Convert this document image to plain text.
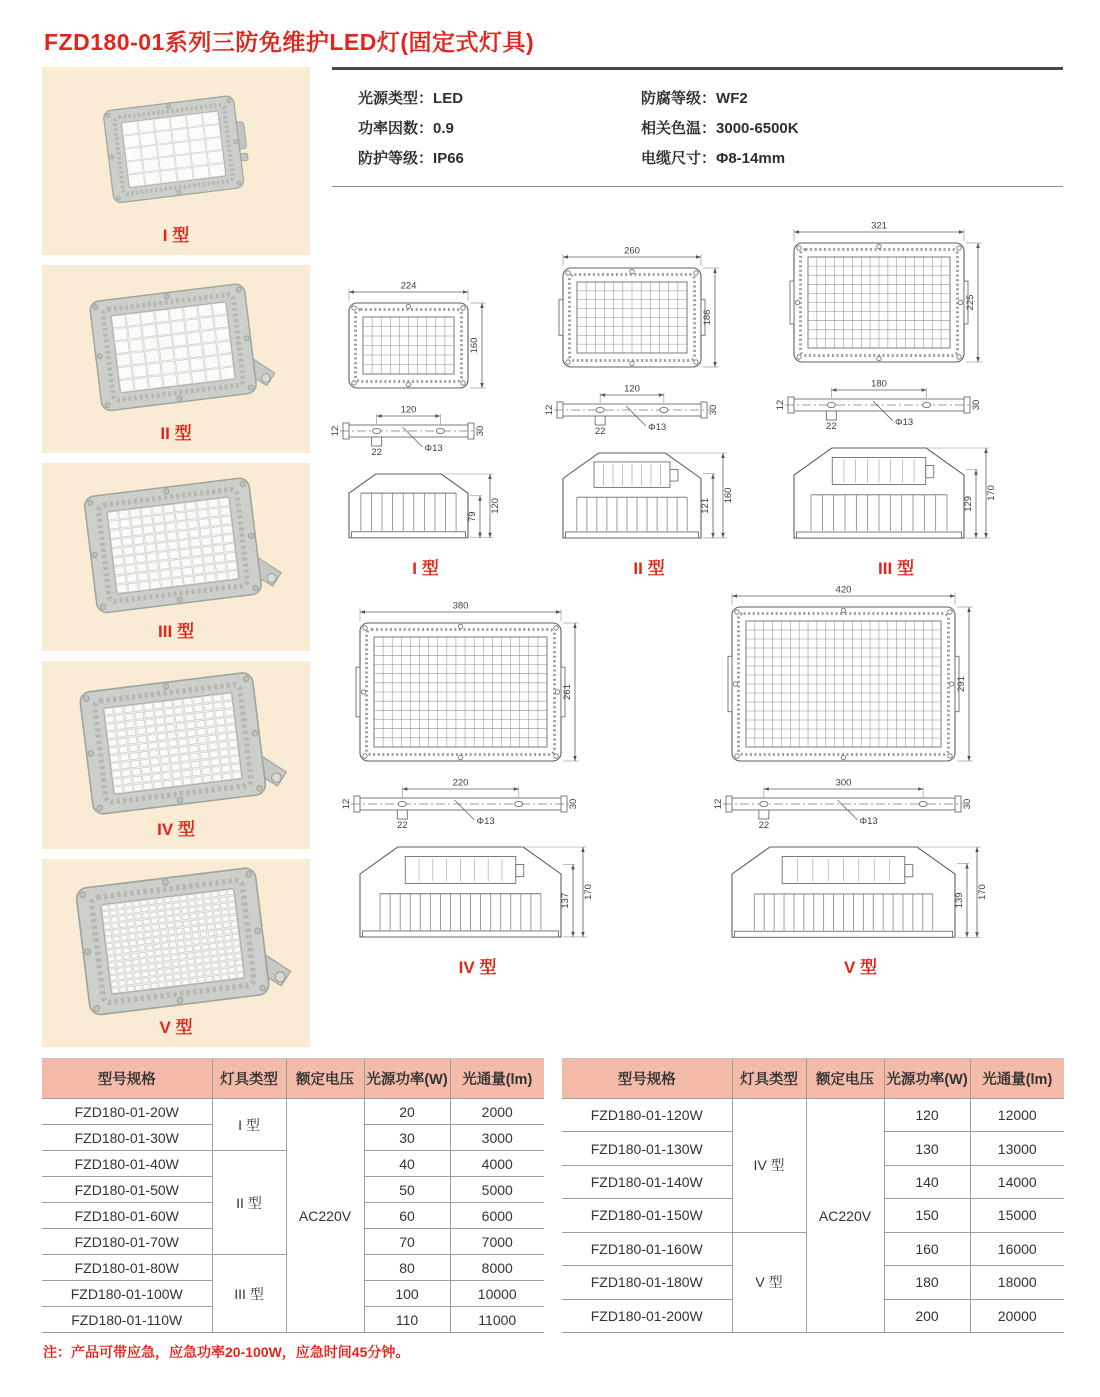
FZD180-01系列三防免维护LED灯(固定式灯具)
I 型
II 型
III 型
IV 型
V 型
光源类型：LED
功率因数：0.9
防护等级：IP66
防腐等级：WF2
相关色温：3000-6500K
电缆尺寸：Φ8-14mm
224
160
120
22	Φ13
30
12
79
120
I 型
260
186
120
22	Φ13
30
12
121
160
II 型
321
225
180
22	Φ13
30
12
129
170
III 型
380
261
220
22	Φ13
30
12
137
170
IV 型
420
291
300
22	Φ13
30
12
139
170
V 型
型号规格	灯具类型	额定电压	光源功率(W)	光通量(lm)
FZD180-01-20W	I 型	AC220V	20	2000
FZD180-01-30W			30	3000
FZD180-01-40W	II 型		40	4000
FZD180-01-50W			50	5000
FZD180-01-60W			60	6000
FZD180-01-70W			70	7000
FZD180-01-80W	III 型		80	8000
FZD180-01-100W			100	10000
FZD180-01-110W			110	11000
型号规格	灯具类型	额定电压	光源功率(W)	光通量(lm)
FZD180-01-120W	IV 型	AC220V	120	12000
FZD180-01-130W			130	13000
FZD180-01-140W			140	14000
FZD180-01-150W			150	15000
FZD180-01-160W	V 型		160	16000
FZD180-01-180W			180	18000
FZD180-01-200W			200	20000

注：产品可带应急，应急功率20-100W，应急时间45分钟。
